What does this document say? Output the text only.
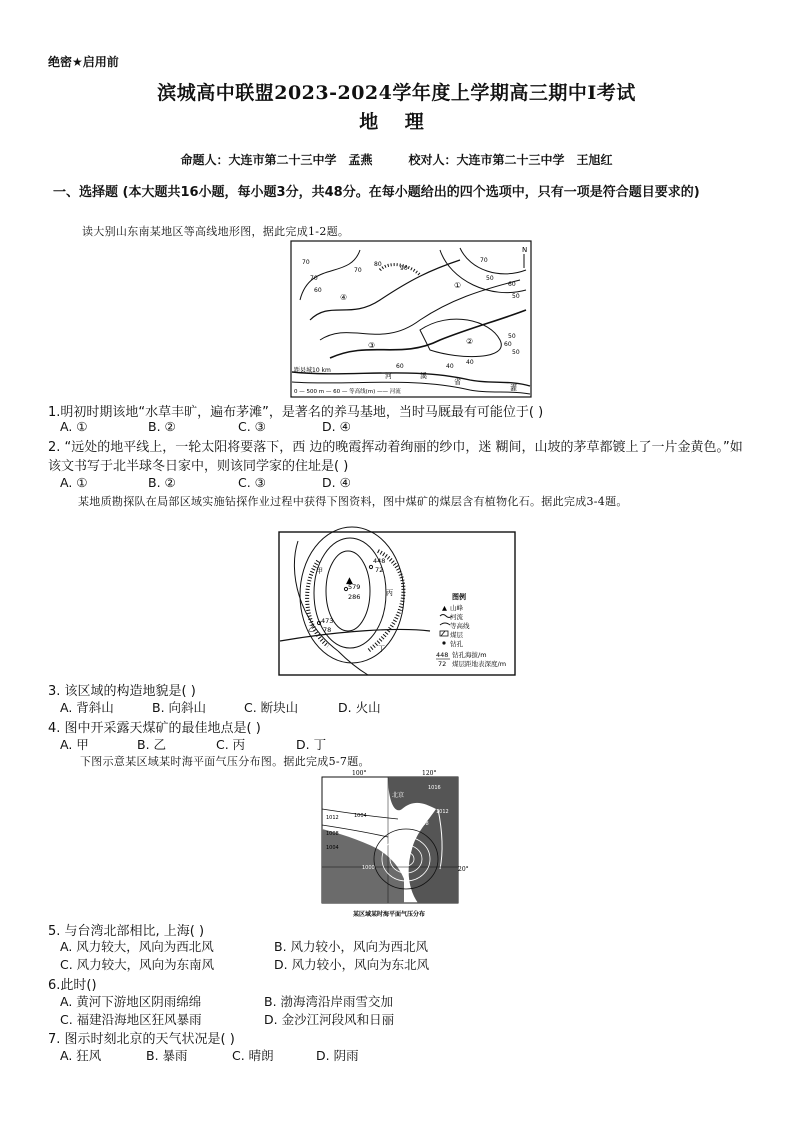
绝密★启用前
滨城高中联盟2023-2024学年度上学期高三期中Ⅰ考试
地 理
命题人：大连市第二十三中学　孟燕　　　校对人：大连市第二十三中学　王旭红
一、选择题 (本大题共16小题，每小题3分，共48分。在每小题给出的四个选项中，只有一项是符合题目要求的)
读大别山东南某地区等高线地形图，据此完成1-2题。
N
70
60
70
80
90
70
60
50
40
60
50
60
50
40
50
70
①
②
③
④
河	溪
省
灌
距县城10 km
0 — 500 m — 60 — 等高线(m) —— 河流
1.明初时期该地“水草丰旷，遍布茅滩”，是著名的养马基地，当时马厩最有可能位于( )
A. ①	B. ②	C. ③	D. ④
2. “远处的地平线上，一轮太阳将要落下，西 边的晚霞挥动着绚丽的纱巾，迷 糊间，山坡的茅草都镀上了一片金黄色。”如该文书写于北半球冬日家中，则该同学家的住址是( )
A. ①	B. ②	C. ③	D. ④
某地质勘探队在局部区域实施钻探作业过程中获得下图资料，图中煤矿的煤层含有植物化石。据此完成3-4题。
▲
甲
乙
丙
丁
448
72
579
286
473
78
图例
▲ 山峰
河流
等高线
煤层
钻孔
448 钻孔海拔/m
72 煤层距地表深度/m
3. 该区域的构造地貌是( )
A. 背斜山	B. 向斜山	C. 断块山	D. 火山
4. 图中开采露天煤矿的最佳地点是( )
A. 甲	B. 乙	C. 丙	D. 丁
下图示意某区域某时海平面气压分布图。据此完成5-7题。
100°	120°
20°
北京
1016
1012
1008
1004
1012
1008
1004
1000
某区域某时海平面气压分布
5. 与台湾北部相比, 上海( )
A. 风力较大，风向为西北风	B. 风力较小，风向为西北风
C. 风力较大，风向为东南风	D. 风力较小，风向为东北风
6.此时()
A. 黄河下游地区阴雨绵绵	B. 渤海湾沿岸雨雪交加
C. 福建沿海地区狂风暴雨	D. 金沙江河段风和日丽
7. 图示时刻北京的天气状况是( )
A. 狂风	B. 暴雨	C. 晴朗	D. 阴雨
